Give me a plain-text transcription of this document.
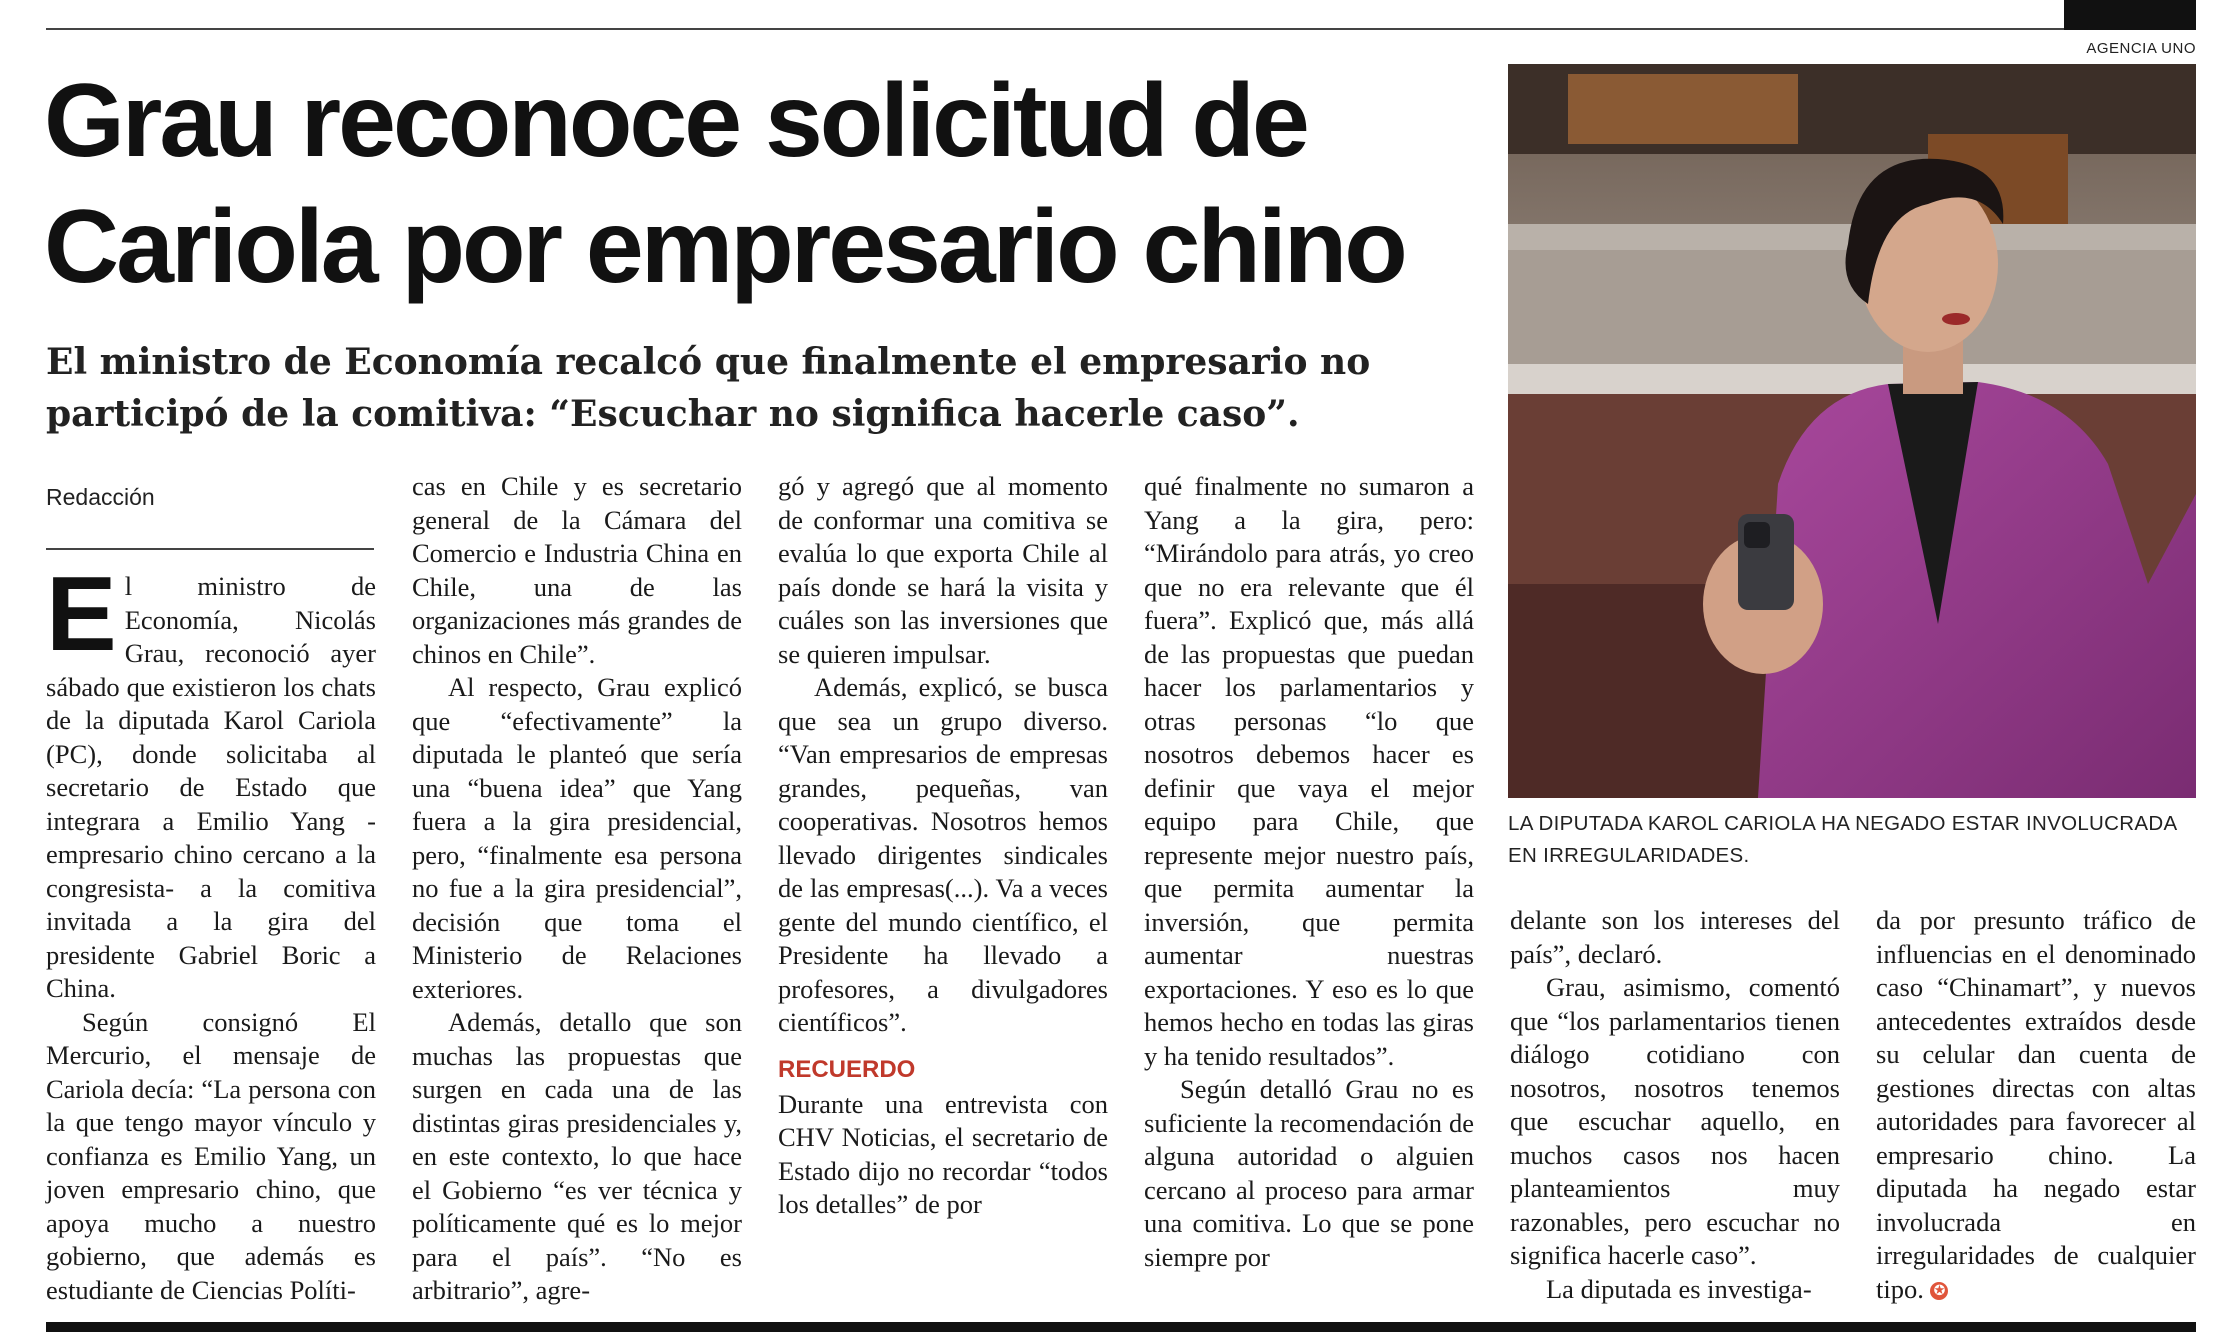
AGENCIA UNO
Grau reconoce solicitud de Cariola por empresario chino

El ministro de Economía recalcó que finalmente el empresario no participó de la comitiva: “Escuchar no significa hacerle caso”.

Redacción

El ministro de Economía, Nicolás Grau, reconoció ayer sábado que existieron los chats de la diputada Karol Cariola (PC), donde solicitaba al secretario de Estado que integrara a Emilio Yang -empresario chino cercano a la congresista- a la comitiva invitada a la gira del presidente Gabriel Boric a China.

Según consignó El Mercurio, el mensaje de Cariola decía: “La persona con la que tengo mayor vínculo y confianza es Emilio Yang, un joven empresario chino, que apoya mucho a nuestro gobierno, que además es estudiante de Ciencias Políti-

cas en Chile y es secretario general de la Cámara del Comercio e Industria China en Chile, una de las organizaciones más grandes de chinos en Chile”.

Al respecto, Grau explicó que “efectivamente” la diputada le planteó que sería una “buena idea” que Yang fuera a la gira presidencial, pero, “finalmente esa persona no fue a la gira presidencial”, decisión que toma el Ministerio de Relaciones exteriores.

Además, detallo que son muchas las propuestas que surgen en cada una de las distintas giras presidenciales y, en este contexto, lo que hace el Gobierno “es ver técnica y políticamente qué es lo mejor para el país”. “No es arbitrario”, agre-

gó y agregó que al momento de conformar una comitiva se evalúa lo que exporta Chile al país donde se hará la visita y cuáles son las inversiones que se quieren impulsar.

Además, explicó, se busca que sea un grupo diverso. “Van empresarios de empresas grandes, pequeñas, van cooperativas. Nosotros hemos llevado dirigentes sindicales de las empresas(...). Va a veces gente del mundo científico, el Presidente ha llevado a profesores, a divulgadores científicos”.

RECUERDO

Durante una entrevista con CHV Noticias, el secretario de Estado dijo no recordar “todos los detalles” de por

qué finalmente no sumaron a Yang a la gira, pero: “Mirándolo para atrás, yo creo que no era relevante que él fuera”. Explicó que, más allá de las propuestas que puedan hacer los parlamentarios y otras personas “lo que nosotros debemos hacer es definir que vaya el mejor equipo para Chile, que represente mejor nuestro país, que permita aumentar la inversión, que permita aumentar nuestras exportaciones. Y eso es lo que hemos hecho en todas las giras y ha tenido resultados”.

Según detalló Grau no es suficiente la recomendación de alguna autoridad o alguien cercano al proceso para armar una comitiva. Lo que se pone siempre por

LA DIPUTADA KAROL CARIOLA HA NEGADO ESTAR INVOLUCRADA EN IRREGULARIDADES.

delante son los intereses del país”, declaró.

Grau, asimismo, comentó que “los parlamentarios tienen diálogo cotidiano con nosotros, nosotros tenemos que escuchar aquello, en muchos casos nos hacen planteamientos muy razonables, pero escuchar no significa hacerle caso”.

La diputada es investiga-

da por presunto tráfico de influencias en el denominado caso “Chinamart”, y nuevos antecedentes extraídos desde su celular dan cuenta de gestiones directas con altas autoridades para favorecer al empresario chino. La diputada ha negado estar involucrada en irregularidades de cualquier tipo. ✪
